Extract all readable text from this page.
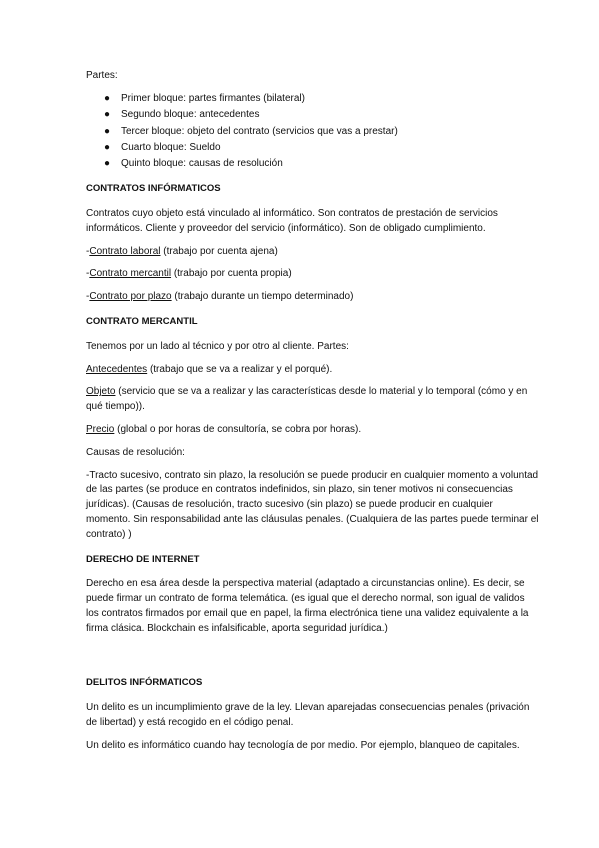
Partes:

● Primer bloque: partes firmantes (bilateral)
● Segundo bloque: antecedentes
● Tercer bloque: objeto del contrato (servicios que vas a prestar)
● Cuarto bloque: Sueldo
● Quinto bloque: causas de resolución
CONTRATOS INFÓRMATICOS

Contratos cuyo objeto está vinculado al informático. Son contratos de prestación de servicios informáticos. Cliente y proveedor del servicio (informático). Son de obligado cumplimiento.

-Contrato laboral (trabajo por cuenta ajena)

-Contrato mercantil (trabajo por cuenta propia)

-Contrato por plazo (trabajo durante un tiempo determinado)

CONTRATO MERCANTIL

Tenemos por un lado al técnico y por otro al cliente. Partes:

Antecedentes (trabajo que se va a realizar y el porqué).

Objeto (servicio que se va a realizar y las características desde lo material y lo temporal (cómo y en qué tiempo)).

Precio (global o por horas de consultoría, se cobra por horas).

Causas de resolución:

-Tracto sucesivo, contrato sin plazo, la resolución se puede producir en cualquier momento a voluntad de las partes (se produce en contratos indefinidos, sin plazo, sin tener motivos ni consecuencias jurídicas). (Causas de resolución, tracto sucesivo (sin plazo) se puede producir en cualquier momento. Sin responsabilidad ante las cláusulas penales. (Cualquiera de las partes puede terminar el contrato) )

DERECHO DE INTERNET

Derecho en esa área desde la perspectiva material (adaptado a circunstancias online). Es decir, se puede firmar un contrato de forma telemática. (es igual que el derecho normal, son igual de validos los contratos firmados por email que en papel, la firma electrónica tiene una validez equivalente a la firma clásica. Blockchain es infalsificable, aporta seguridad jurídica.)

DELITOS INFÓRMATICOS

Un delito es un incumplimiento grave de la ley. Llevan aparejadas consecuencias penales (privación de libertad) y está recogido en el código penal.

Un delito es informático cuando hay tecnología de por medio. Por ejemplo, blanqueo de capitales.
